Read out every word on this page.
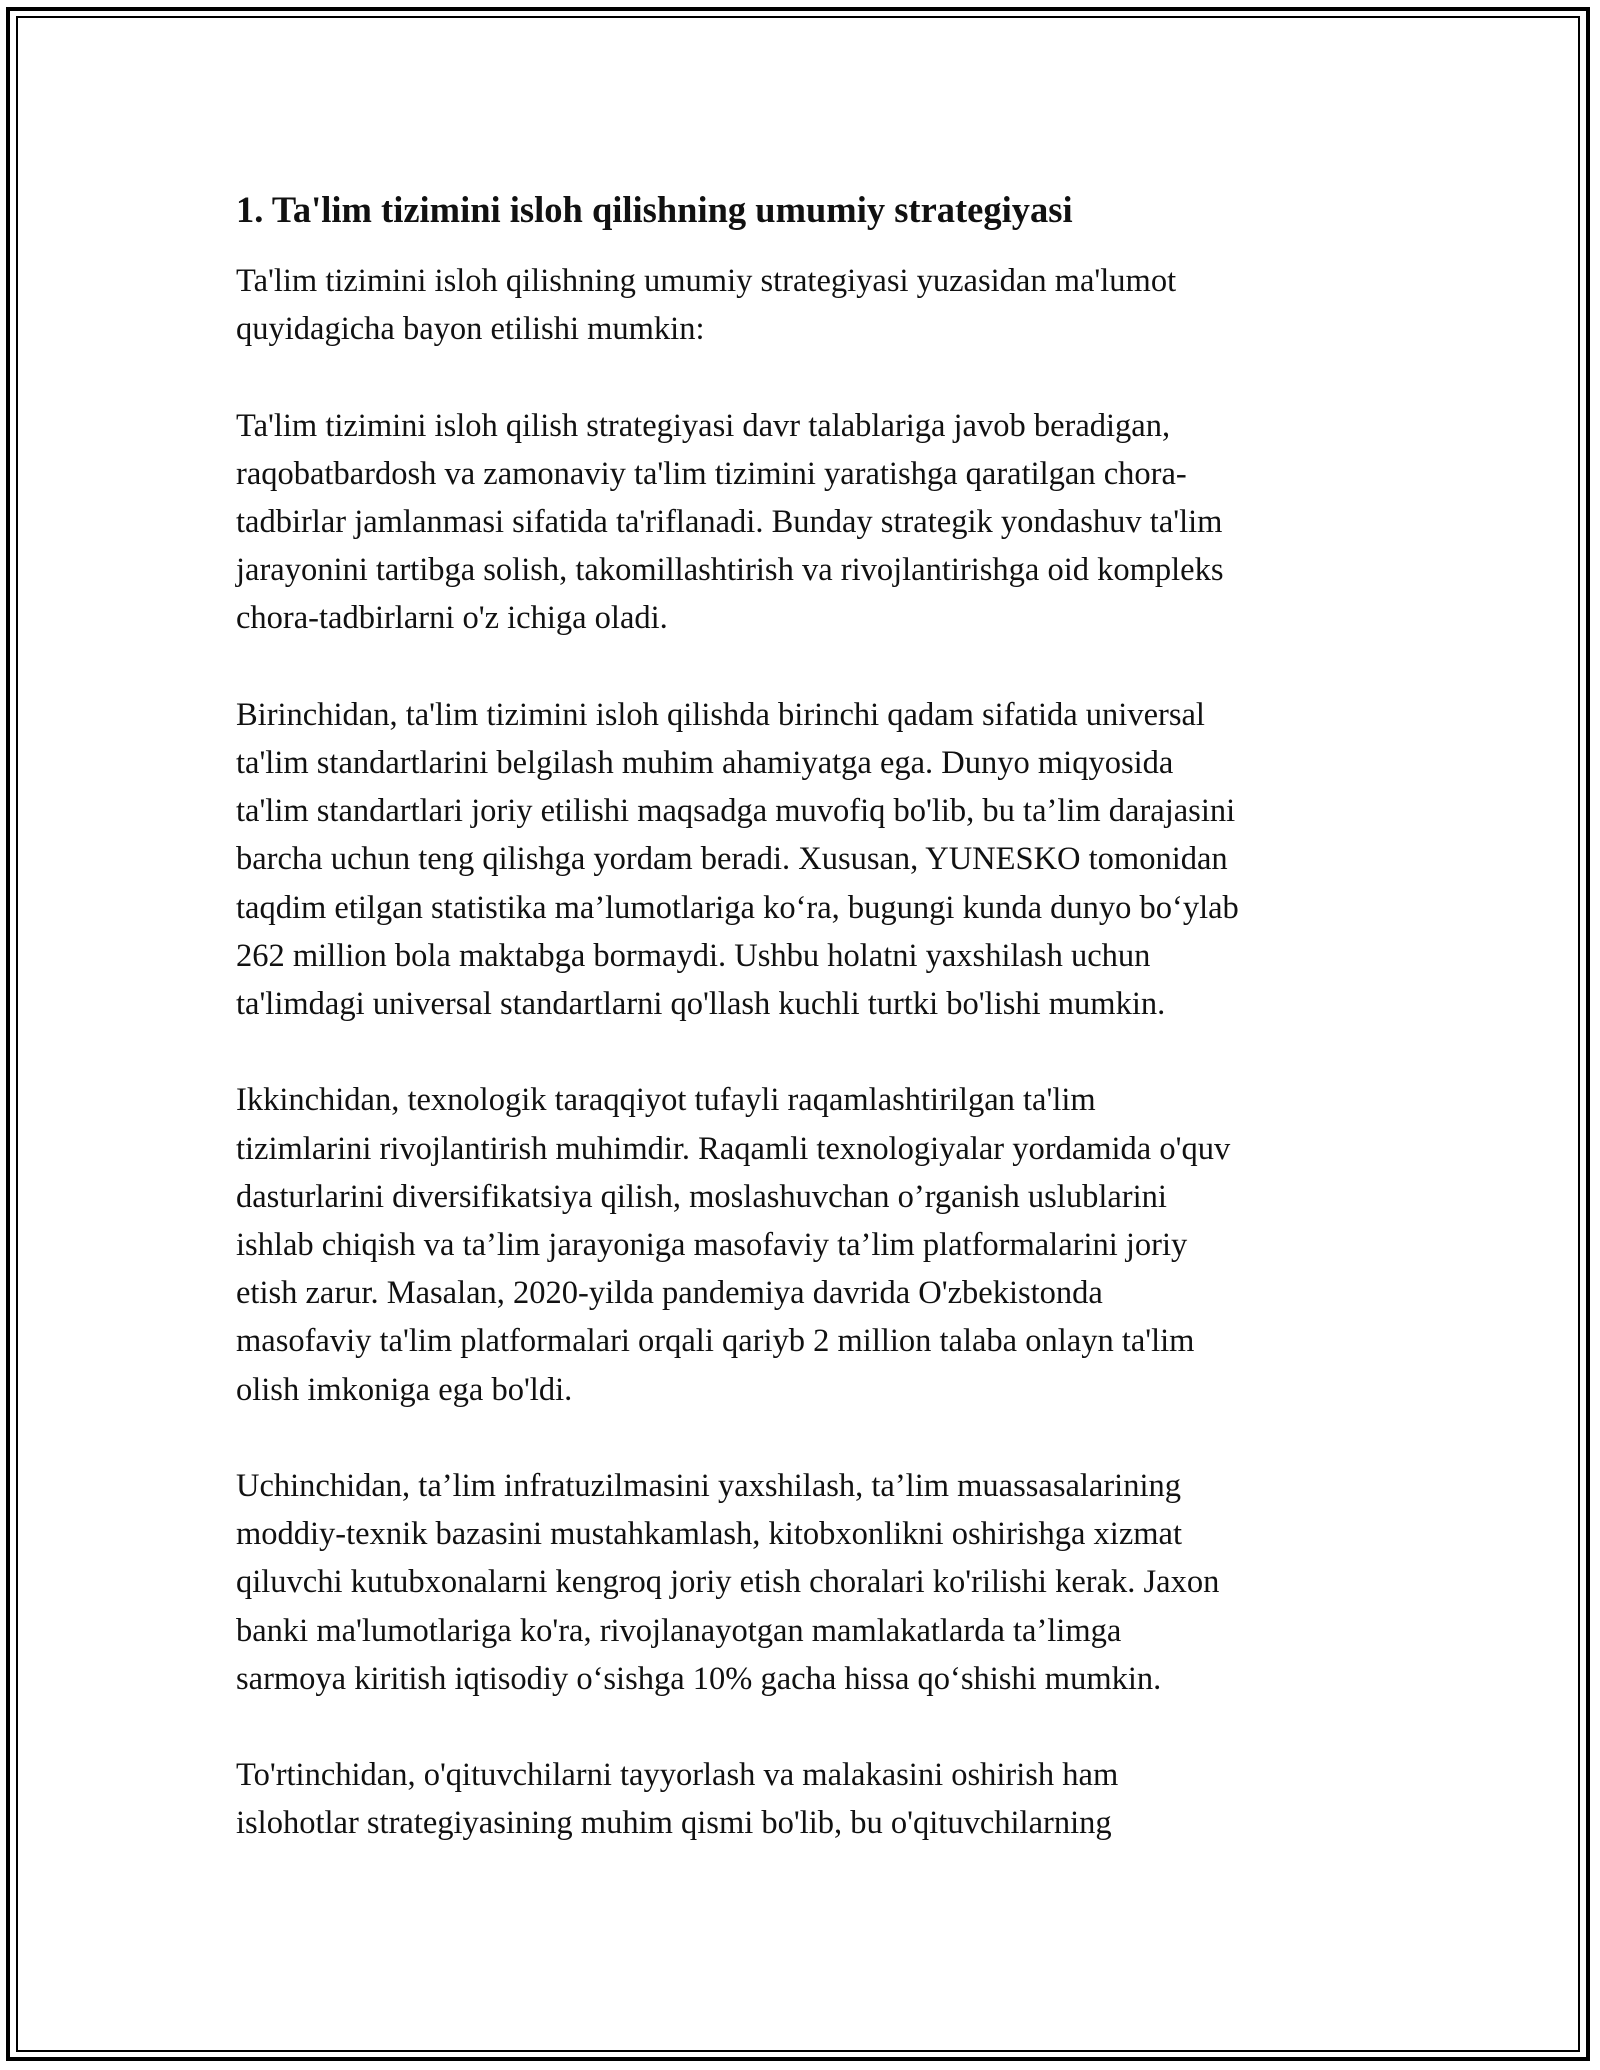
1. Ta'lim tizimini isloh qilishning umumiy strategiyasi

Ta'lim tizimini isloh qilishning umumiy strategiyasi yuzasidan ma'lumot
quyidagicha bayon etilishi mumkin:

Ta'lim tizimini isloh qilish strategiyasi davr talablariga javob beradigan,
raqobatbardosh va zamonaviy ta'lim tizimini yaratishga qaratilgan chora-
tadbirlar jamlanmasi sifatida ta'riflanadi. Bunday strategik yondashuv ta'lim
jarayonini tartibga solish, takomillashtirish va rivojlantirishga oid kompleks
chora-tadbirlarni o'z ichiga oladi.

Birinchidan, ta'lim tizimini isloh qilishda birinchi qadam sifatida universal
ta'lim standartlarini belgilash muhim ahamiyatga ega. Dunyo miqyosida
ta'lim standartlari joriy etilishi maqsadga muvofiq bo'lib, bu ta’lim darajasini
barcha uchun teng qilishga yordam beradi. Xususan, YUNESKO tomonidan
taqdim etilgan statistika ma’lumotlariga ko‘ra, bugungi kunda dunyo bo‘ylab
262 million bola maktabga bormaydi. Ushbu holatni yaxshilash uchun
ta'limdagi universal standartlarni qo'llash kuchli turtki bo'lishi mumkin.

Ikkinchidan, texnologik taraqqiyot tufayli raqamlashtirilgan ta'lim
tizimlarini rivojlantirish muhimdir. Raqamli texnologiyalar yordamida o'quv
dasturlarini diversifikatsiya qilish, moslashuvchan o’rganish uslublarini
ishlab chiqish va ta’lim jarayoniga masofaviy ta’lim platformalarini joriy
etish zarur. Masalan, 2020-yilda pandemiya davrida O'zbekistonda
masofaviy ta'lim platformalari orqali qariyb 2 million talaba onlayn ta'lim
olish imkoniga ega bo'ldi.

Uchinchidan, ta’lim infratuzilmasini yaxshilash, ta’lim muassasalarining
moddiy-texnik bazasini mustahkamlash, kitobxonlikni oshirishga xizmat
qiluvchi kutubxonalarni kengroq joriy etish choralari ko'rilishi kerak. Jaxon
banki ma'lumotlariga ko'ra, rivojlanayotgan mamlakatlarda ta’limga
sarmoya kiritish iqtisodiy o‘sishga 10% gacha hissa qo‘shishi mumkin.

To'rtinchidan, o'qituvchilarni tayyorlash va malakasini oshirish ham
islohotlar strategiyasining muhim qismi bo'lib, bu o'qituvchilarning
